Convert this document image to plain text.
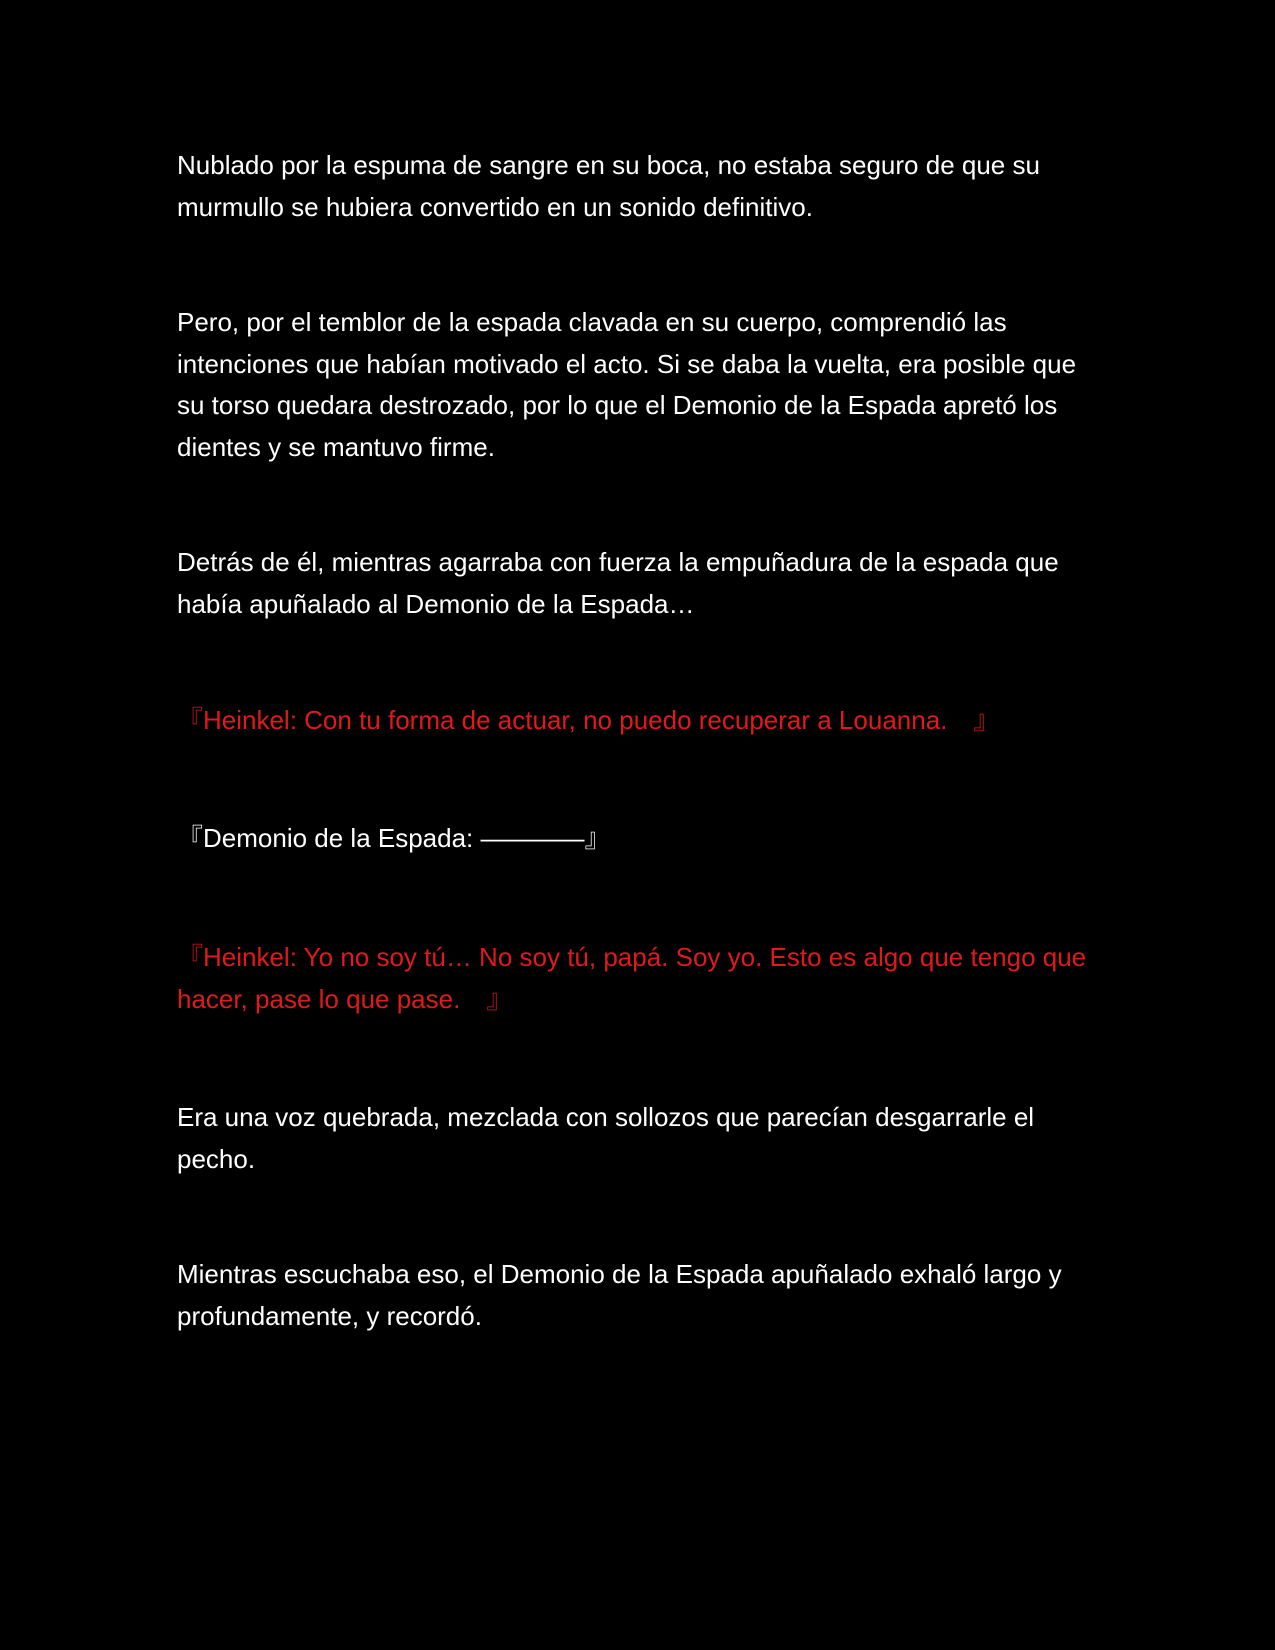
Nublado por la espuma de sangre en su boca, no estaba seguro de que su murmullo se hubiera convertido en un sonido definitivo.

Pero, por el temblor de la espada clavada en su cuerpo, comprendió las intenciones que habían motivado el acto. Si se daba la vuelta, era posible que su torso quedara destrozado, por lo que el Demonio de la Espada apretó los dientes y se mantuvo firme.

Detrás de él, mientras agarraba con fuerza la empuñadura de la espada que había apuñalado al Demonio de la Espada…

『Heinkel: Con tu forma de actuar, no puedo recuperar a Louanna.　』

『Demonio de la Espada: ————』

『Heinkel: Yo no soy tú… No soy tú, papá. Soy yo. Esto es algo que tengo que hacer, pase lo que pase.　』

Era una voz quebrada, mezclada con sollozos que parecían desgarrarle el pecho.

Mientras escuchaba eso, el Demonio de la Espada apuñalado exhaló largo y profundamente, y recordó.
